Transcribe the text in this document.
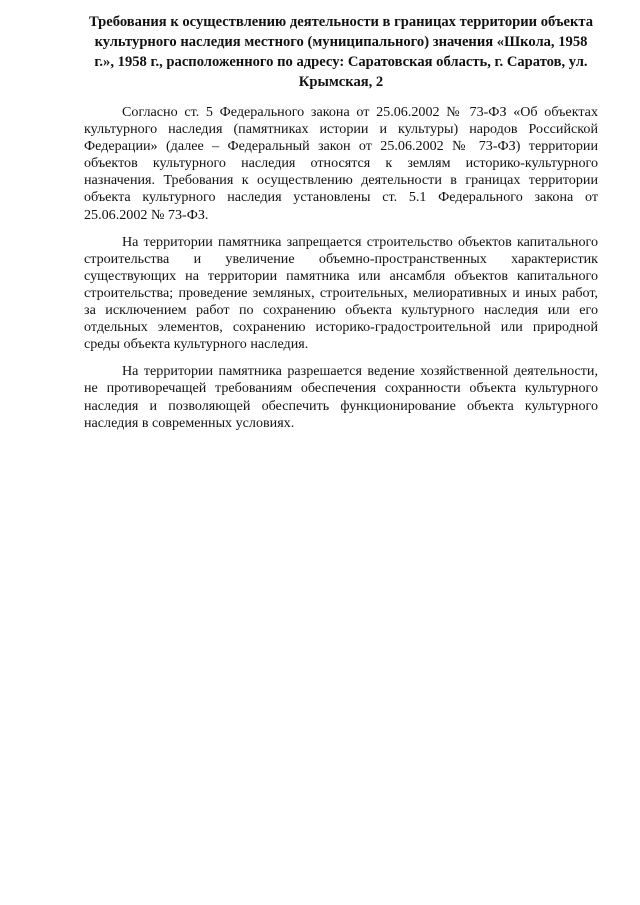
Требования к осуществлению деятельности в границах территории объекта культурного наследия местного (муниципального) значения «Школа, 1958 г.», 1958 г., расположенного по адресу: Саратовская область, г. Саратов, ул. Крымская, 2

Согласно ст. 5 Федерального закона от 25.06.2002 № 73-ФЗ «Об объектах культурного наследия (памятниках истории и культуры) народов Российской Федерации» (далее – Федеральный закон от 25.06.2002 № 73-ФЗ) территории объектов культурного наследия относятся к землям историко-культурного назначения. Требования к осуществлению деятельности в границах территории объекта культурного наследия установлены ст. 5.1 Федерального закона от 25.06.2002 № 73-ФЗ.

На территории памятника запрещается строительство объектов капитального строительства и увеличение объемно-пространственных характеристик существующих на территории памятника или ансамбля объектов капитального строительства; проведение земляных, строительных, мелиоративных и иных работ, за исключением работ по сохранению объекта культурного наследия или его отдельных элементов, сохранению историко-градостроительной или природной среды объекта культурного наследия.

На территории памятника разрешается ведение хозяйственной деятельности, не противоречащей требованиям обеспечения сохранности объекта культурного наследия и позволяющей обеспечить функционирование объекта культурного наследия в современных условиях.
